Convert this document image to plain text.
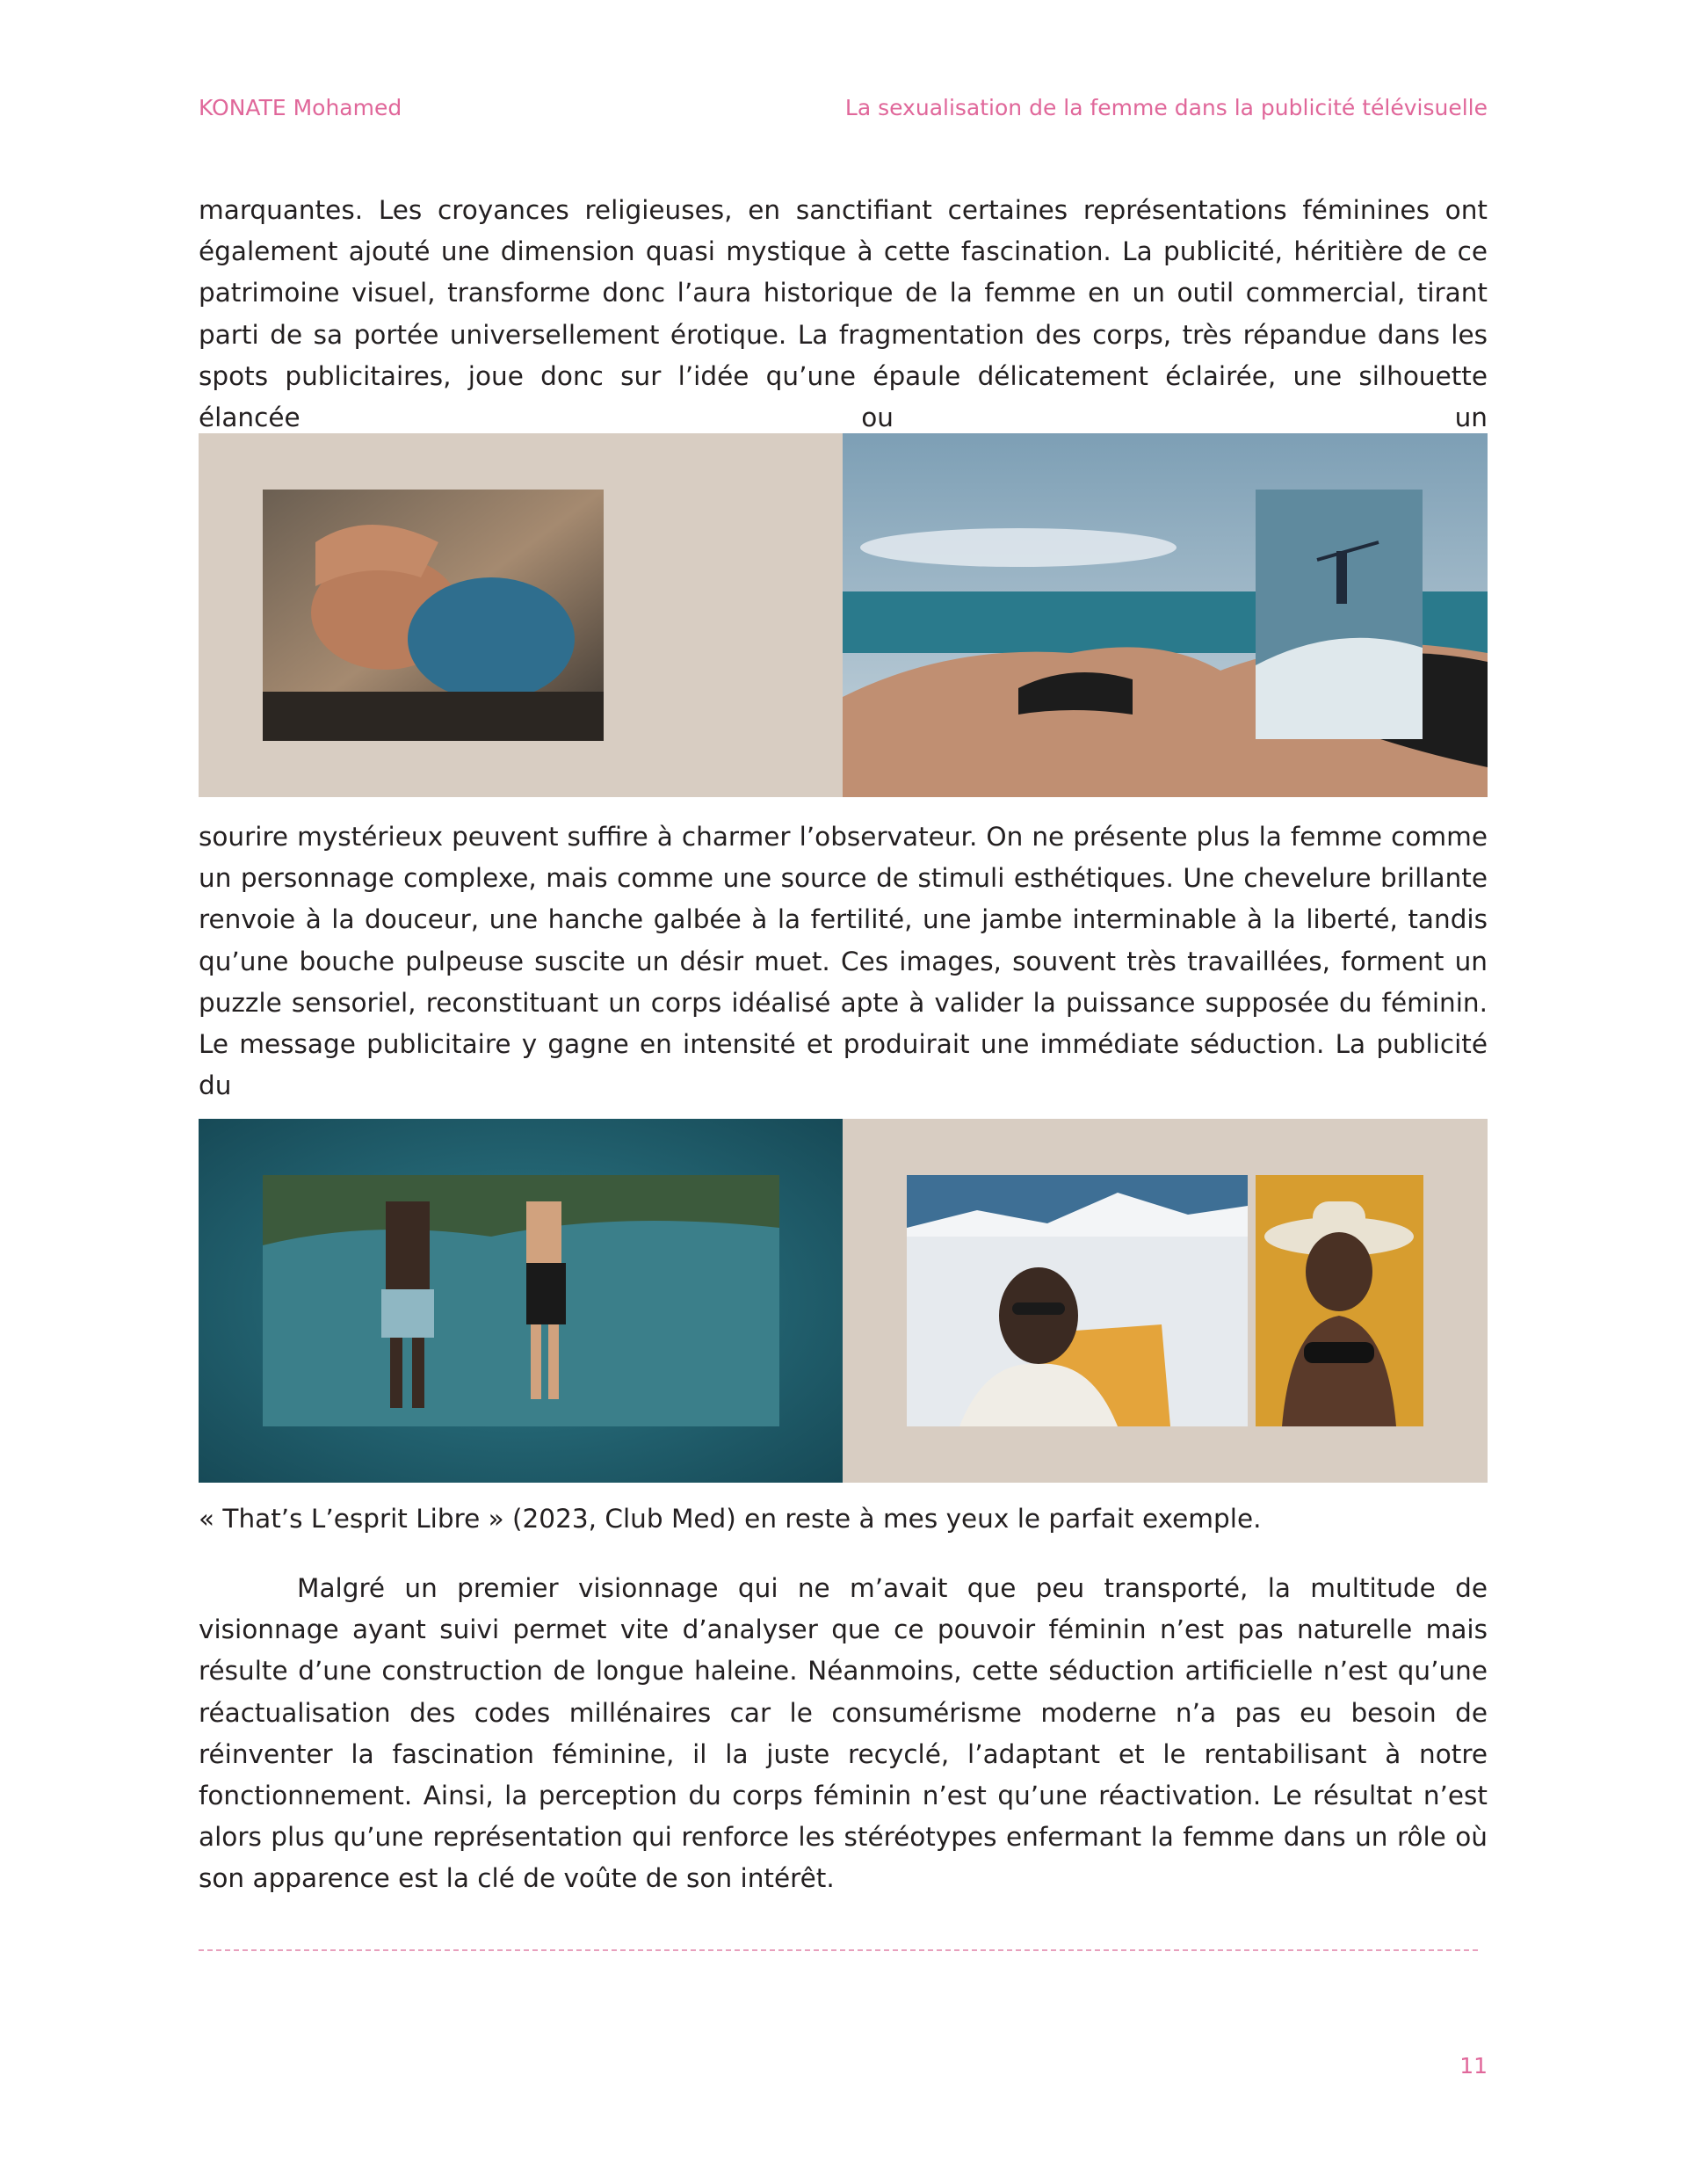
KONATE Mohamed	La sexualisation de la femme dans la publicité télévisuelle

marquantes. Les croyances religieuses, en sanctifiant certaines représentations féminines ont également ajouté une dimension quasi mystique à cette fascination. La publicité, héritière de ce patrimoine visuel, transforme donc l’aura historique de la femme en un outil commercial, tirant parti de sa portée universellement érotique. La fragmentation des corps, très répandue dans les spots publicitaires, joue donc sur l’idée qu’une épaule délicatement éclairée, une silhouette élancée ou un

sourire mystérieux peuvent suffire à charmer l’observateur. On ne présente plus la femme comme un personnage complexe, mais comme une source de stimuli esthétiques. Une chevelure brillante renvoie à la douceur, une hanche galbée à la fertilité, une jambe interminable à la liberté, tandis qu’une bouche pulpeuse suscite un désir muet. Ces images, souvent très travaillées, forment un puzzle sensoriel, reconstituant un corps idéalisé apte à valider la puissance supposée du féminin. Le message publicitaire y gagne en intensité et produirait une immédiate séduction. La publicité du

« That’s L’esprit Libre » (2023, Club Med) en reste à mes yeux le parfait exemple.

Malgré un premier visionnage qui ne m’avait que peu transporté, la multitude de visionnage ayant suivi permet vite d’analyser que ce pouvoir féminin n’est pas naturelle mais résulte d’une construction de longue haleine. Néanmoins, cette séduction artificielle n’est qu’une réactualisation des codes millénaires car le consumérisme moderne n’a pas eu besoin de réinventer la fascination féminine, il la juste recyclé, l’adaptant et le rentabilisant à notre fonctionnement. Ainsi, la perception du corps féminin n’est qu’une réactivation. Le résultat n’est alors plus qu’une représentation qui renforce les stéréotypes enfermant la femme dans un rôle où son apparence est la clé de voûte de son intérêt.

11
